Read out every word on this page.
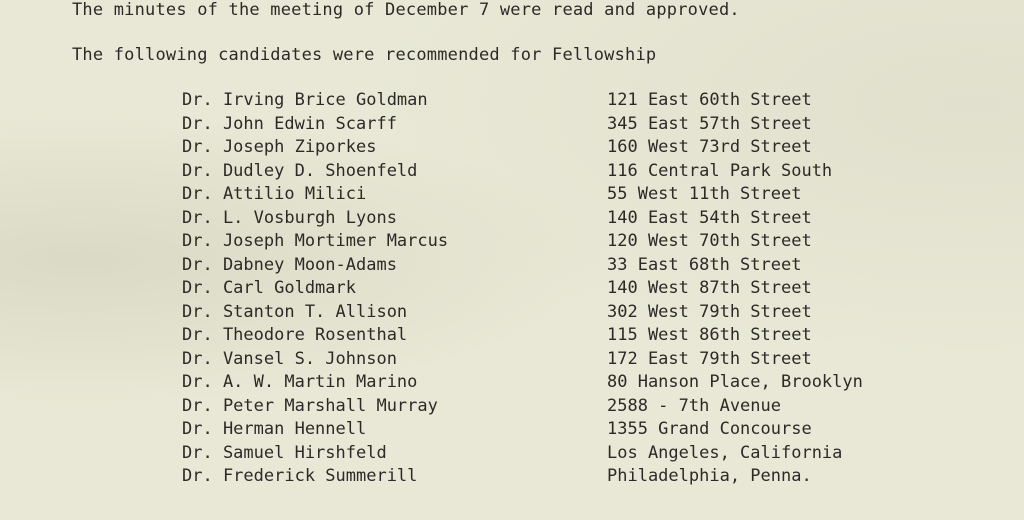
The minutes of the meeting of December 7 were read and approved.
The following candidates were recommended for Fellowship
Dr. Irving Brice Goldman	121 East 60th Street
Dr. John Edwin Scarff	345 East 57th Street
Dr. Joseph Ziporkes	160 West 73rd Street
Dr. Dudley D. Shoenfeld	116 Central Park South
Dr. Attilio Milici	55 West 11th Street
Dr. L. Vosburgh Lyons	140 East 54th Street
Dr. Joseph Mortimer Marcus	120 West 70th Street
Dr. Dabney Moon-Adams	33 East 68th Street
Dr. Carl Goldmark	140 West 87th Street
Dr. Stanton T. Allison	302 West 79th Street
Dr. Theodore Rosenthal	115 West 86th Street
Dr. Vansel S. Johnson	172 East 79th Street
Dr. A. W. Martin Marino	80 Hanson Place, Brooklyn
Dr. Peter Marshall Murray	2588 - 7th Avenue
Dr. Herman Hennell	1355 Grand Concourse
Dr. Samuel Hirshfeld	Los Angeles, California
Dr. Frederick Summerill	Philadelphia, Penna.
